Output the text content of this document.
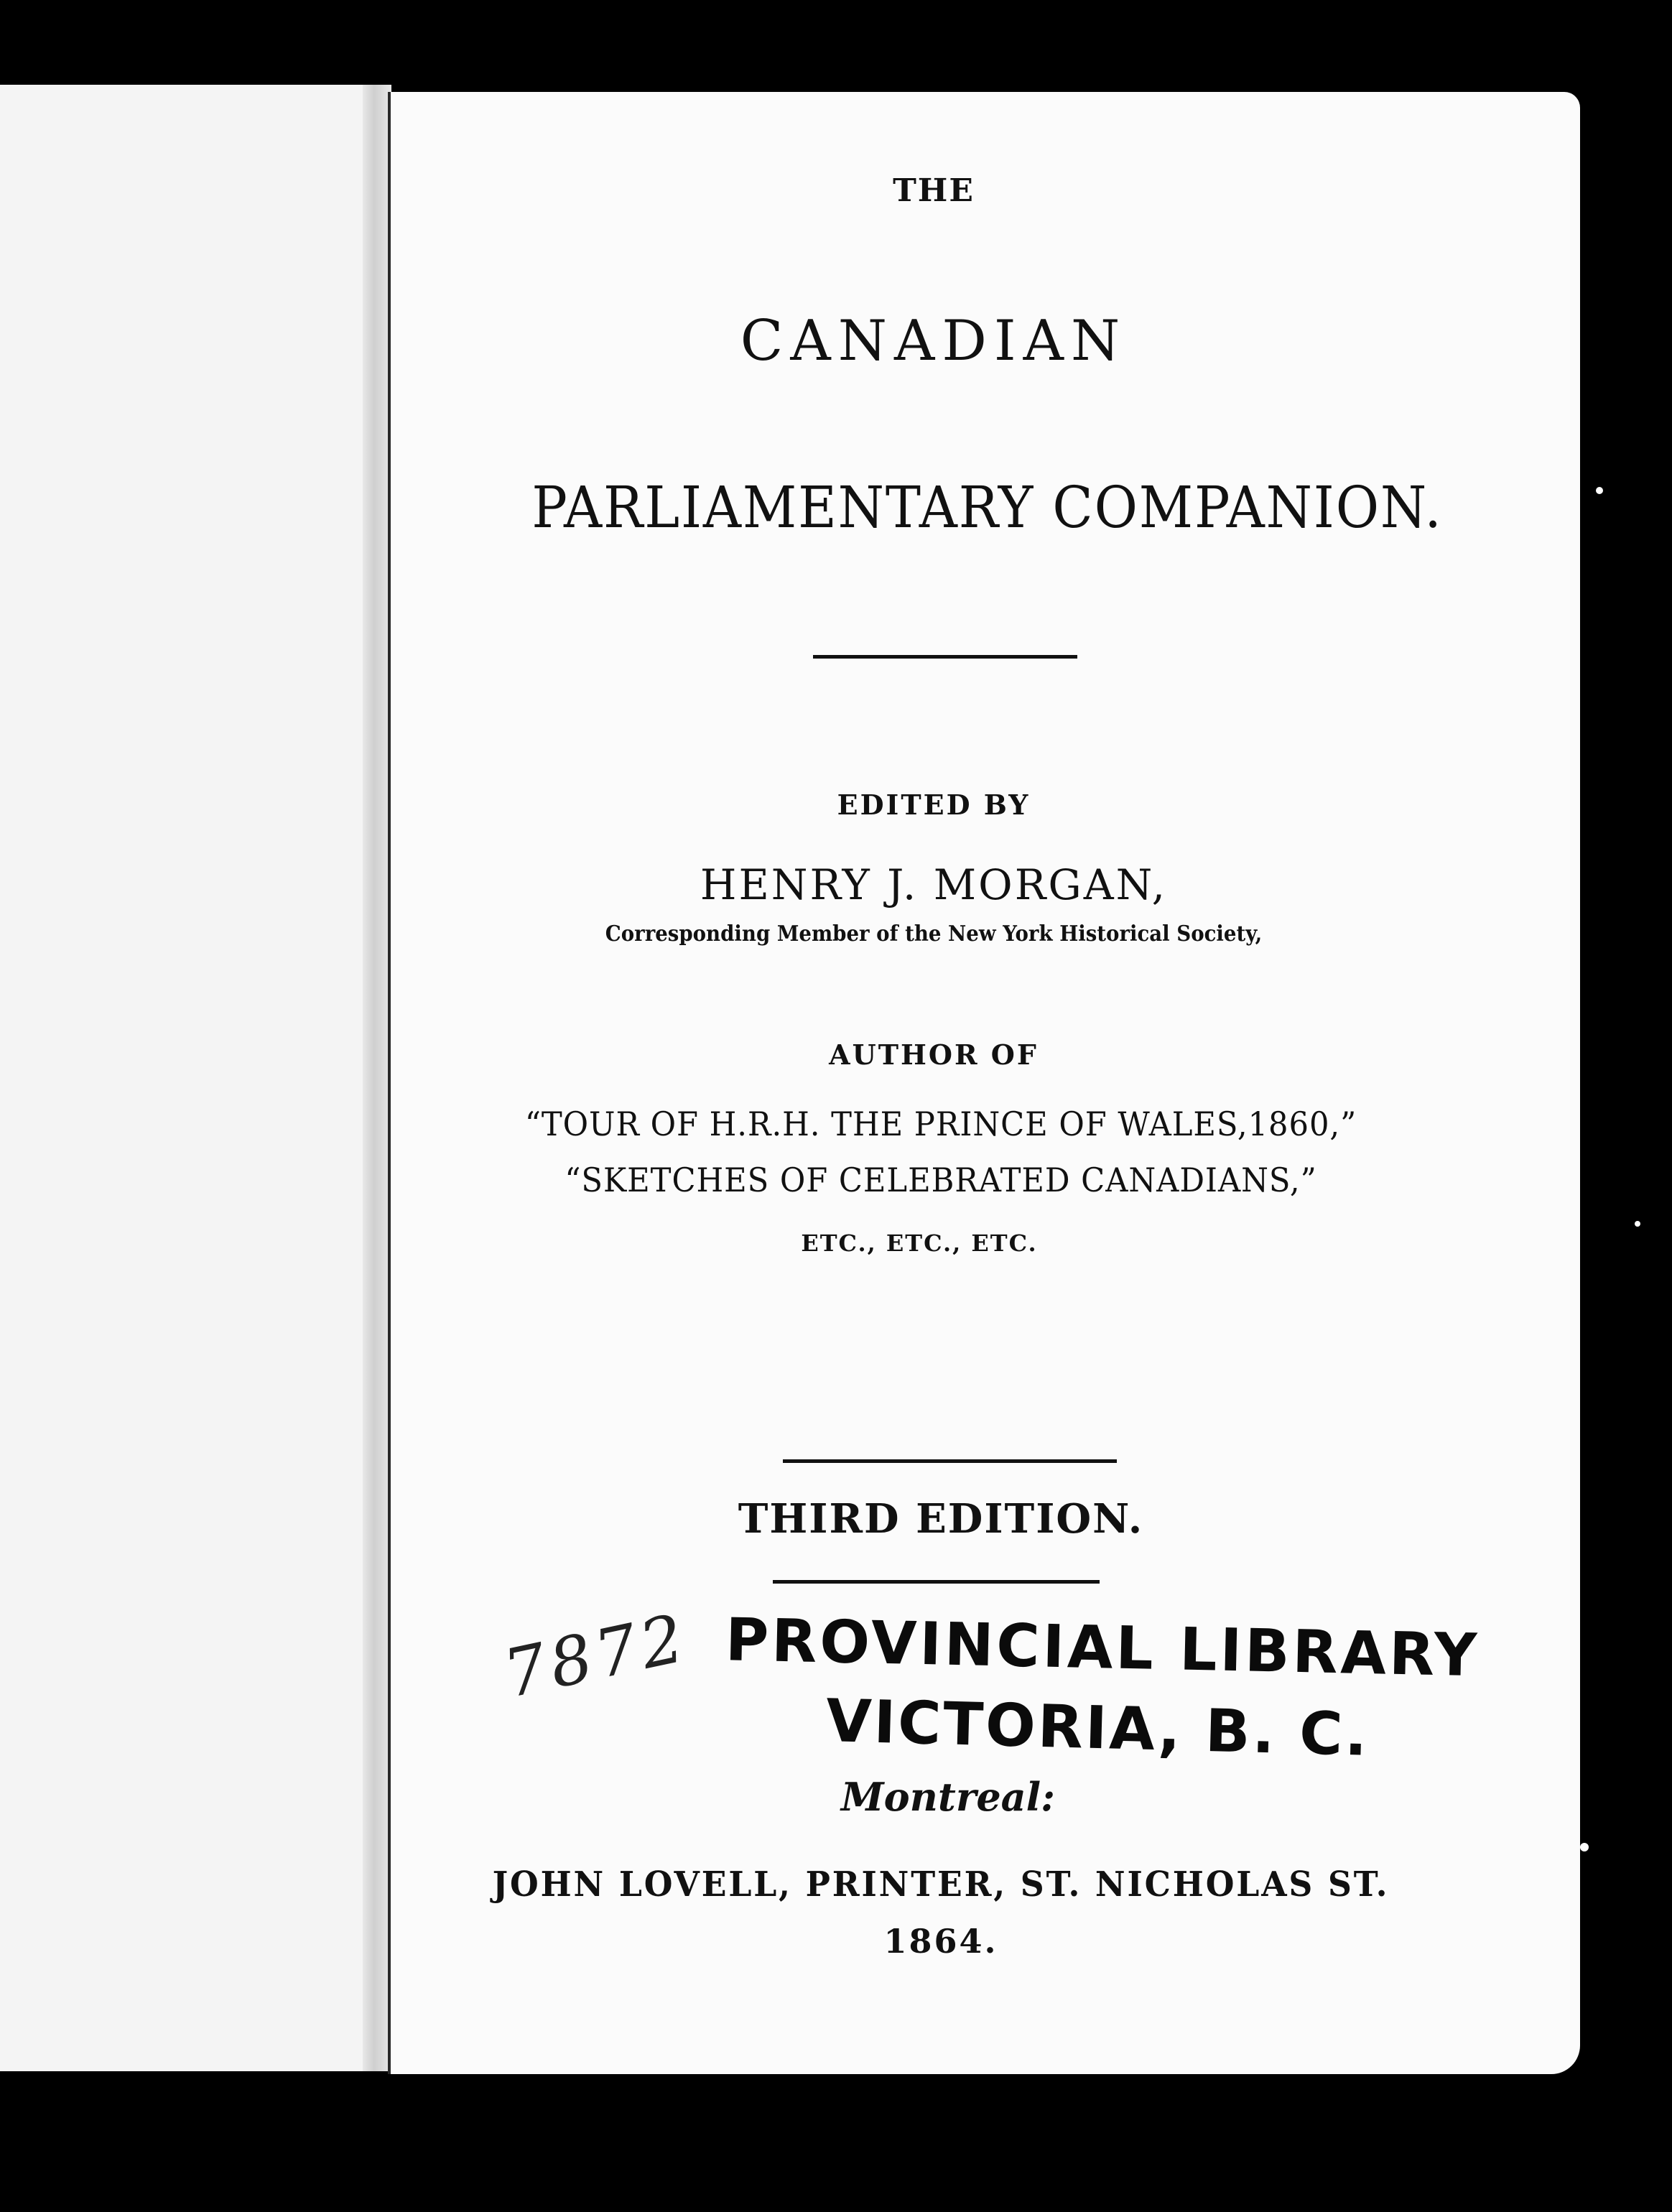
THE
CANADIAN
PARLIAMENTARY COMPANION.
EDITED BY
HENRY J. MORGAN,
Corresponding Member of the New York Historical Society,
AUTHOR OF
“TOUR OF H.R.H. THE PRINCE OF WALES,1860,”
“SKETCHES OF CELEBRATED CANADIANS,”
ETC., ETC., ETC.
THIRD EDITION.
7872 PROVINCIAL LIBRARY
VICTORIA, B. C.
Montreal:
JOHN LOVELL, PRINTER, ST. NICHOLAS ST.
1864.
